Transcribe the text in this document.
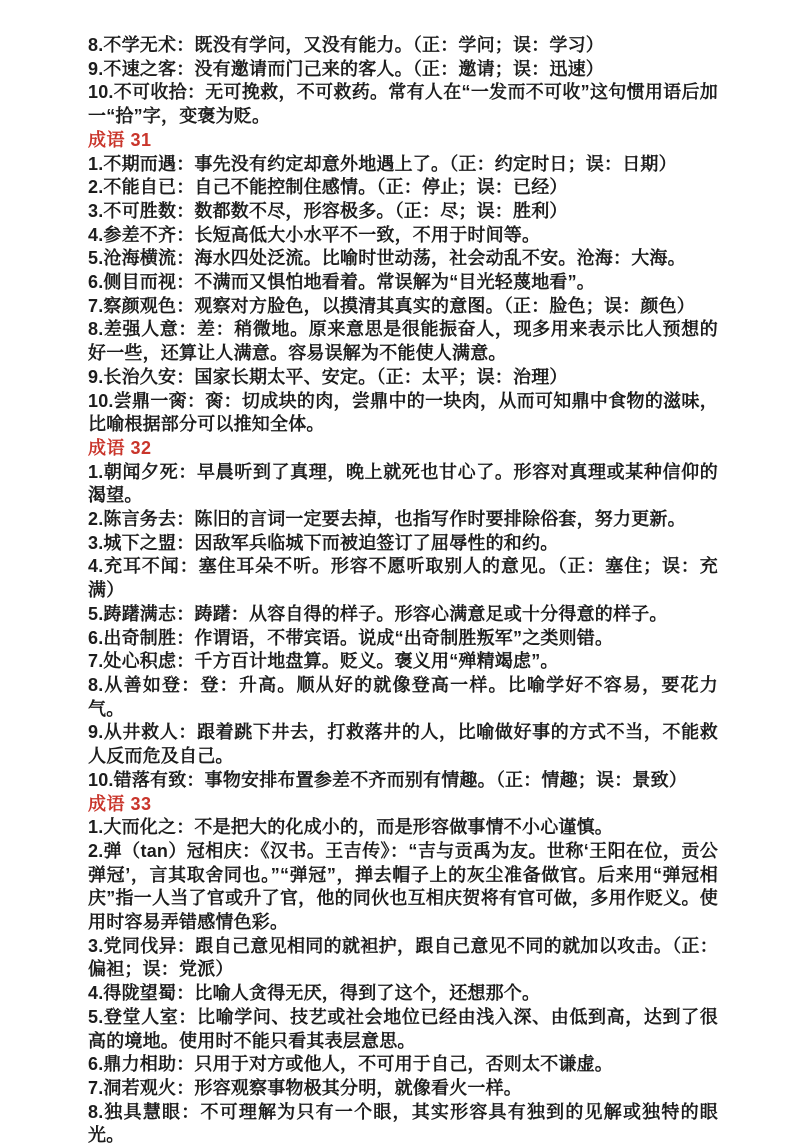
8.不学无术：既没有学问，又没有能力。（正：学问；误：学习）

9.不速之客：没有邀请而门己来的客人。（正：邀请；误：迅速）

10.不可收拾：无可挽救，不可救药。常有人在“一发而不可收”这句惯用语后加一“拾”字，变褒为贬。

成语 31

1.不期而遇：事先没有约定却意外地遇上了。（正：约定时日；误：日期）

2.不能自已：自己不能控制住感情。（正：停止；误：已经）

3.不可胜数：数都数不尽，形容极多。（正：尽；误：胜利）

4.参差不齐：长短高低大小水平不一致，不用于时间等。

5.沧海横流：海水四处泛流。比喻时世动荡，社会动乱不安。沧海：大海。

6.侧目而视：不满而又惧怕地看着。常误解为“目光轻蔑地看”。

7.察颜观色：观察对方脸色，以摸清其真实的意图。（正：脸色；误：颜色）

8.差强人意：差：稍微地。原来意思是很能振奋人，现多用来表示比人预想的好一些，还算让人满意。容易误解为不能使人满意。

9.长治久安：国家长期太平、安定。（正：太平；误：治理）

10.尝鼎一脔：脔：切成块的肉，尝鼎中的一块肉，从而可知鼎中食物的滋味，比喻根据部分可以推知全体。

成语 32

1.朝闻夕死：早晨听到了真理，晚上就死也甘心了。形容对真理或某种信仰的渴望。

2.陈言务去：陈旧的言词一定要去掉，也指写作时要排除俗套，努力更新。

3.城下之盟：因敌军兵临城下而被迫签订了屈辱性的和约。

4.充耳不闻：塞住耳朵不听。形容不愿听取别人的意见。（正：塞住；误：充满）

5.踌躇满志：踌躇：从容自得的样子。形容心满意足或十分得意的样子。

6.出奇制胜：作谓语，不带宾语。说成“出奇制胜叛军”之类则错。

7.处心积虑：千方百计地盘算。贬义。褒义用“殚精竭虑”。

8.从善如登：登：升高。顺从好的就像登高一样。比喻学好不容易，要花力气。

9.从井救人：跟着跳下井去，打救落井的人，比喻做好事的方式不当，不能救人反而危及自己。

10.错落有致：事物安排布置参差不齐而别有情趣。（正：情趣；误：景致）

成语 33

1.大而化之：不是把大的化成小的，而是形容做事情不小心谨慎。

2.弹（tan）冠相庆：《汉书。王吉传》：“吉与贡禹为友。世称‘王阳在位，贡公弹冠’，言其取舍同也。”“弹冠”，掸去帽子上的灰尘准备做官。后来用“弹冠相庆”指一人当了官或升了官，他的同伙也互相庆贺将有官可做，多用作贬义。使用时容易弄错感情色彩。

3.党同伐异：跟自己意见相同的就袒护，跟自己意见不同的就加以攻击。（正：偏袒；误：党派）

4.得陇望蜀：比喻人贪得无厌，得到了这个，还想那个。

5.登堂人室：比喻学问、技艺或社会地位已经由浅入深、由低到高，达到了很高的境地。使用时不能只看其表层意思。

6.鼎力相助：只用于对方或他人，不可用于自己，否则太不谦虚。

7.洞若观火：形容观察事物极其分明，就像看火一样。

8.独具慧眼：不可理解为只有一个眼，其实形容具有独到的见解或独特的眼光。
